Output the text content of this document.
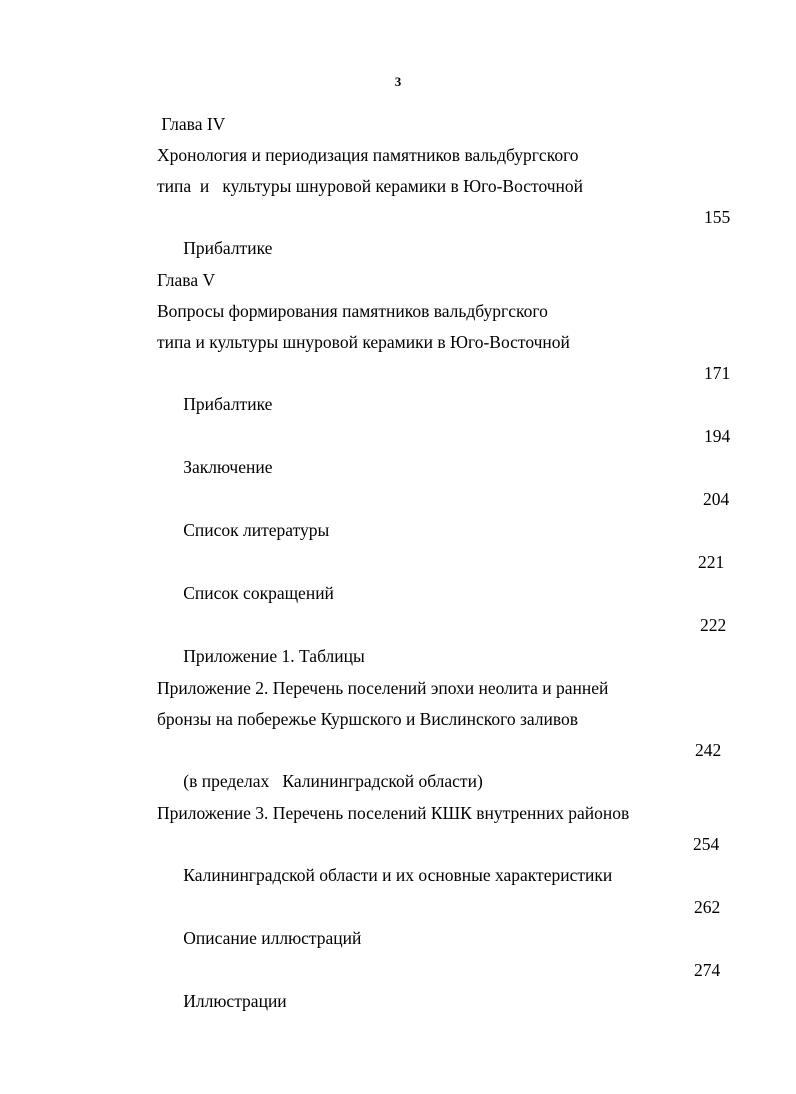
3
Глава IV
Хронология и периодизация памятников вальдбургского
типа  и   культуры шнуровой керамики в Юго-Восточной

Прибалтике

155

Глава V
Вопросы формирования памятников вальдбургского
типа и культуры шнуровой керамики в Юго-Восточной

Прибалтике

171

Заключение

194

Список литературы

204

Список сокращений

221

Приложение 1. Таблицы

222

Приложение 2. Перечень поселений эпохи неолита и ранней
бронзы на побережье Куршского и Вислинского заливов

(в пределах   Калининградской области)

242

Приложение 3. Перечень поселений КШК внутренних районов

Калининградской области и их основные характеристики

254

Описание иллюстраций

262

Иллюстрации

274
